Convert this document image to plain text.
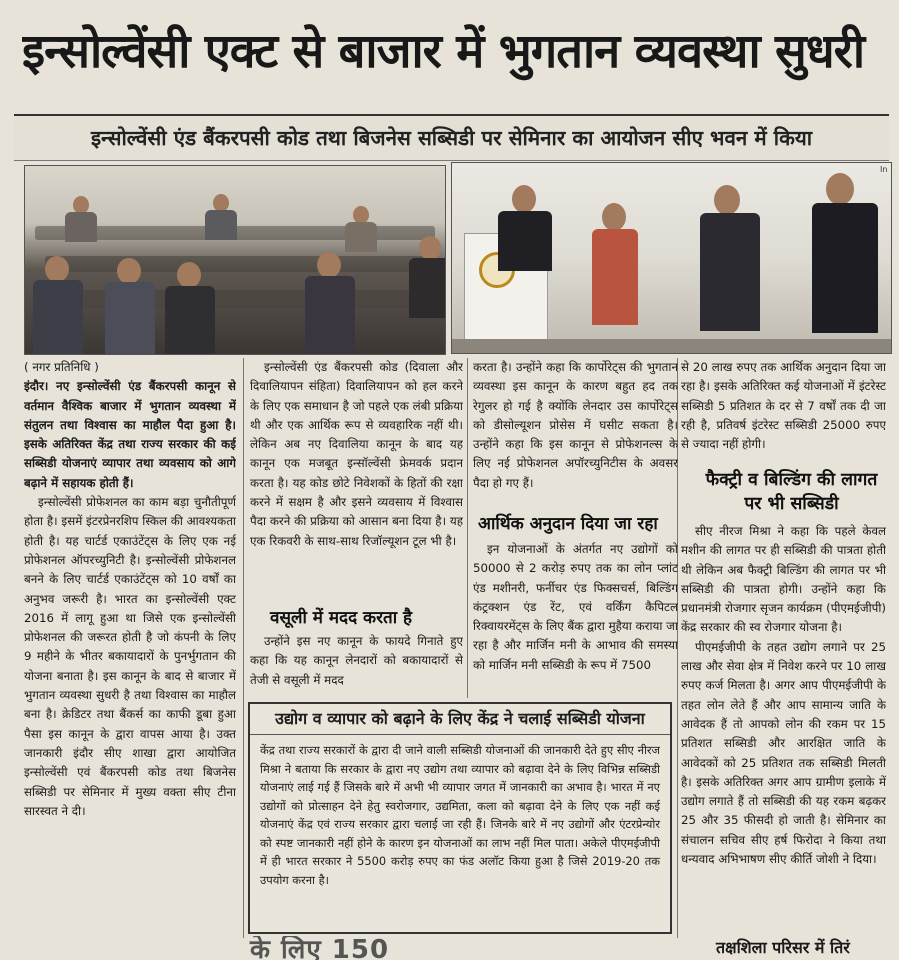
इन्सोल्वेंसी एक्ट से बाजार में भुगतान व्यवस्था सुधरी
इन्सोल्वेंसी एंड बैंकरपसी कोड तथा बिजनेस सब्सिडी पर सेमिनार का आयोजन सीए भवन में किया
In
( नगर प्रतिनिधि )
इंदौर। नए इन्सोल्वेंसी एंड बैंकरपसी कानून से वर्तमान वैश्विक बाजार में भुगतान व्यवस्था में संतुलन तथा विश्वास का माहौल पैदा हुआ है। इसके अतिरिक्त केंद्र तथा राज्य सरकार की कई सब्सिडी योजनाएं व्यापार तथा व्यवसाय को आगे बढ़ाने में सहायक होती हैं।
इन्सोल्वेंसी प्रोफेशनल का काम बड़ा चुनौतीपूर्ण होता है। इसमें इंटरप्रेनरशिप स्किल की आवश्यकता होती है। यह चार्टर्ड एकाउंटेंट्स के लिए एक नई प्रोफेशनल ऑपरच्युनिटी है। इन्सोल्वेंसी प्रोफेशनल बनने के लिए चार्टर्ड एकाउंटेंट्स को 10 वर्षों का अनुभव जरूरी है। भारत का इन्सोल्वेंसी एक्ट 2016 में लागू हुआ था जिसे एक इन्सोल्वेंसी प्रोफेशनल की जरूरत होती है जो कंपनी के लिए 9 महीने के भीतर बकायादारों के पुनर्भुगतान की योजना बनाता है। इस कानून के बाद से बाजार में भुगतान व्यवस्था सुधरी है तथा विश्वास का माहौल बना है। क्रेडिटर तथा बैंकर्स का काफी डूबा हुआ पैसा इस कानून के द्वारा वापस आया है। उक्त जानकारी इंदौर सीए शाखा द्वारा आयोजित इन्सोल्वेंसी एवं बैंकरपसी कोड तथा बिजनेस सब्सिडी पर सेमिनार में मुख्य वक्ता सीए टीना सारस्वत ने दी।
इन्सोल्वेंसी एंड बैंकरपसी कोड (दिवाला और दिवालियापन संहिता) दिवालियापन को हल करने के लिए एक समाधान है जो पहले एक लंबी प्रक्रिया थी और एक आर्थिक रूप से व्यवहारिक नहीं थी। लेकिन अब नए दिवालिया कानून के बाद यह कानून एक मजबूत इन्सॉल्वेंसी फ्रेमवर्क प्रदान करता है। यह कोड छोटे निवेशकों के हितों की रक्षा करने में सक्षम है और इसने व्यवसाय में विश्वास पैदा करने की प्रक्रिया को आसान बना दिया है। यह एक रिकवरी के साथ-साथ रिजॉल्यूशन टूल भी है।
वसूली में मदद करता है
उन्होंने इस नए कानून के फायदे गिनाते हुए कहा कि यह कानून लेनदारों को बकायादारों से तेजी से वसूली में मदद
करता है। उन्होंने कहा कि कार्पोरेट्स की भुगतान व्यवस्था इस कानून के कारण बहुत हद तक रेगुलर हो गई है क्योंकि लेनदार उस कार्पोरेट्स को डीसोल्यूशन प्रोसेस में घसीट सकता है। उन्होंने कहा कि इस कानून से प्रोफेशनल्स के लिए नई प्रोफेशनल अपॉरच्युनिटीस के अवसर पैदा हो गए हैं।
आर्थिक अनुदान दिया जा रहा
इन योजनाओं के अंतर्गत नए उद्योगों को 50000 से 2 करोड़ रुपए तक का लोन प्लांट एंड मशीनरी, फर्नीचर एंड फिक्सचर्स, बिल्डिंग कंट्रक्शन एंड रेंट, एवं वर्किंग कैपिटल रिक्वायरमेंट्स के लिए बैंक द्वारा मुहैया कराया जा रहा है और मार्जिन मनी के आभाव की समस्या को मार्जिन मनी सब्सिडी के रूप में 7500
से 20 लाख रुपए तक आर्थिक अनुदान दिया जा रहा है। इसके अतिरिक्त कई योजनाओं में इंटरेस्ट सब्सिडी 5 प्रतिशत के दर से 7 वर्षों तक दी जा रही है, प्रतिवर्ष इंटरेस्ट सब्सिडी 25000 रुपए से ज्यादा नहीं होगी।
फैक्ट्री व बिल्डिंग की लागत पर भी सब्सिडी
सीए नीरज मिश्रा ने कहा कि पहले केवल मशीन की लागत पर ही सब्सिडी की पात्रता होती थी लेकिन अब फैक्ट्री बिल्डिंग की लागत पर भी सब्सिडी की पात्रता होगी। उन्होंने कहा कि प्रधानमंत्री रोजगार सृजन कार्यक्रम (पीएमईजीपी) केंद्र सरकार की स्व रोजगार योजना है।
पीएमईजीपी के तहत उद्योग लगाने पर 25 लाख और सेवा क्षेत्र में निवेश करने पर 10 लाख रुपए कर्ज मिलता है। अगर आप पीएमईजीपी के तहत लोन लेते हैं और आप सामान्य जाति के आवेदक हैं तो आपको लोन की रकम पर 15 प्रतिशत सब्सिडी और आरक्षित जाति के आवेदकों को 25 प्रतिशत तक सब्सिडी मिलती है। इसके अतिरिक्त अगर आप ग्रामीण इलाके में उद्योग लगाते हैं तो सब्सिडी की यह रकम बढ़कर 25 और 35 फीसदी हो जाती है। सेमिनार का संचालन सचिव सीए हर्ष फिरोदा ने किया तथा धन्यवाद अभिभाषण सीए कीर्ति जोशी ने दिया।
उद्योग व व्यापार को बढ़ाने के लिए केंद्र ने चलाई सब्सिडी योजना
केंद्र तथा राज्य सरकारों के द्वारा दी जाने वाली सब्सिडी योजनाओं की जानकारी देते हुए सीए नीरज मिश्रा ने बताया कि सरकार के द्वारा नए उद्योग तथा व्यापार को बढ़ावा देने के लिए विभिन्न सब्सिडी योजनाएं लाई गई हैं जिसके बारे में अभी भी व्यापार जगत में जानकारी का अभाव है। भारत में नए उद्योगों को प्रोत्साहन देने हेतु स्वरोजगार, उद्यमिता, कला को बढ़ावा देने के लिए एक नहीं कई योजनाएं केंद्र एवं राज्य सरकार द्वारा चलाई जा रही हैं। जिनके बारे में नए उद्योगों और एंटरप्रेन्योर को स्पष्ट जानकारी नहीं होने के कारण इन योजनाओं का लाभ नहीं मिल पाता। अकेले पीएमईजीपी में ही भारत सरकार ने 5500 करोड़ रुपए का फंड अलॉट किया हुआ है जिसे 2019-20 तक उपयोग करना है।
के लिए 150	तक्षशिला परिसर में तिरं
